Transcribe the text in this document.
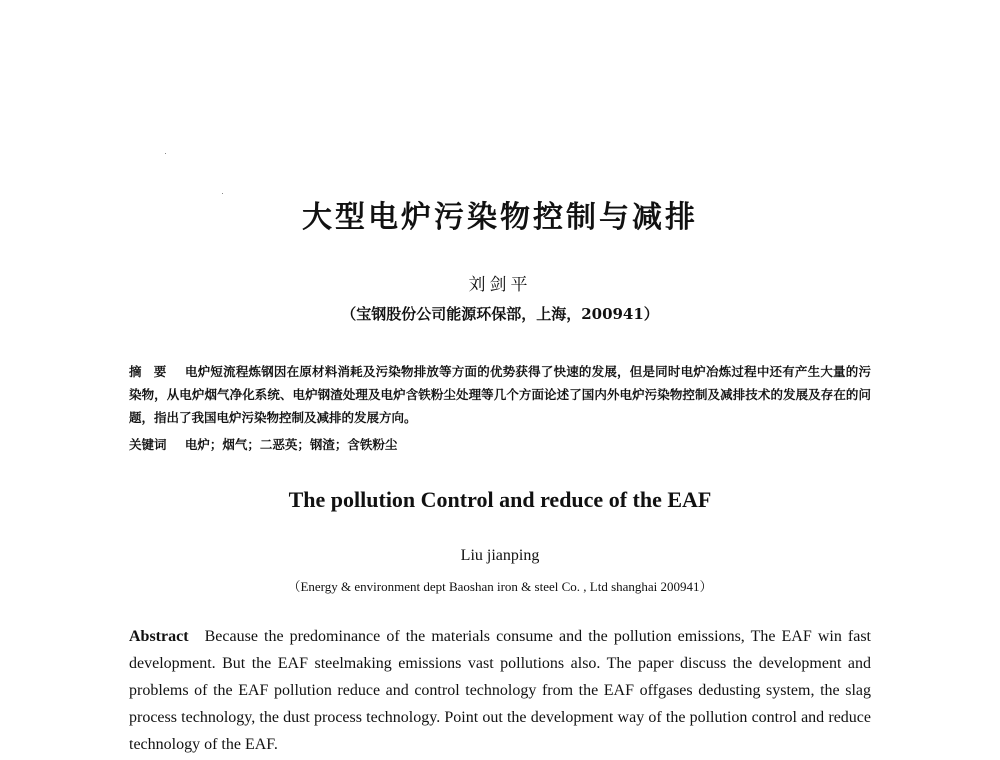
大型电炉污染物控制与减排
刘剑平
（宝钢股份公司能源环保部，上海，200941）
摘要 电炉短流程炼钢因在原材料消耗及污染物排放等方面的优势获得了快速的发展，但是同时电炉冶炼过程中还有产生大量的污染物，从电炉烟气净化系统、电炉钢渣处理及电炉含铁粉尘处理等几个方面论述了国内外电炉污染物控制及减排技术的发展及存在的问题，指出了我国电炉污染物控制及减排的发展方向。
关键词 电炉；烟气；二恶英；钢渣；含铁粉尘
The pollution Control and reduce of the EAF
Liu jianping
（Energy & environment dept Baoshan iron & steel Co. , Ltd shanghai 200941）
Abstract Because the predominance of the materials consume and the pollution emissions, The EAF win fast development. But the EAF steelmaking emissions vast pollutions also. The paper discuss the development and problems of the EAF pollution reduce and control technology from the EAF offgases dedusting system, the slag process technology, the dust process technology. Point out the development way of the pollution control and reduce technology of the EAF.
